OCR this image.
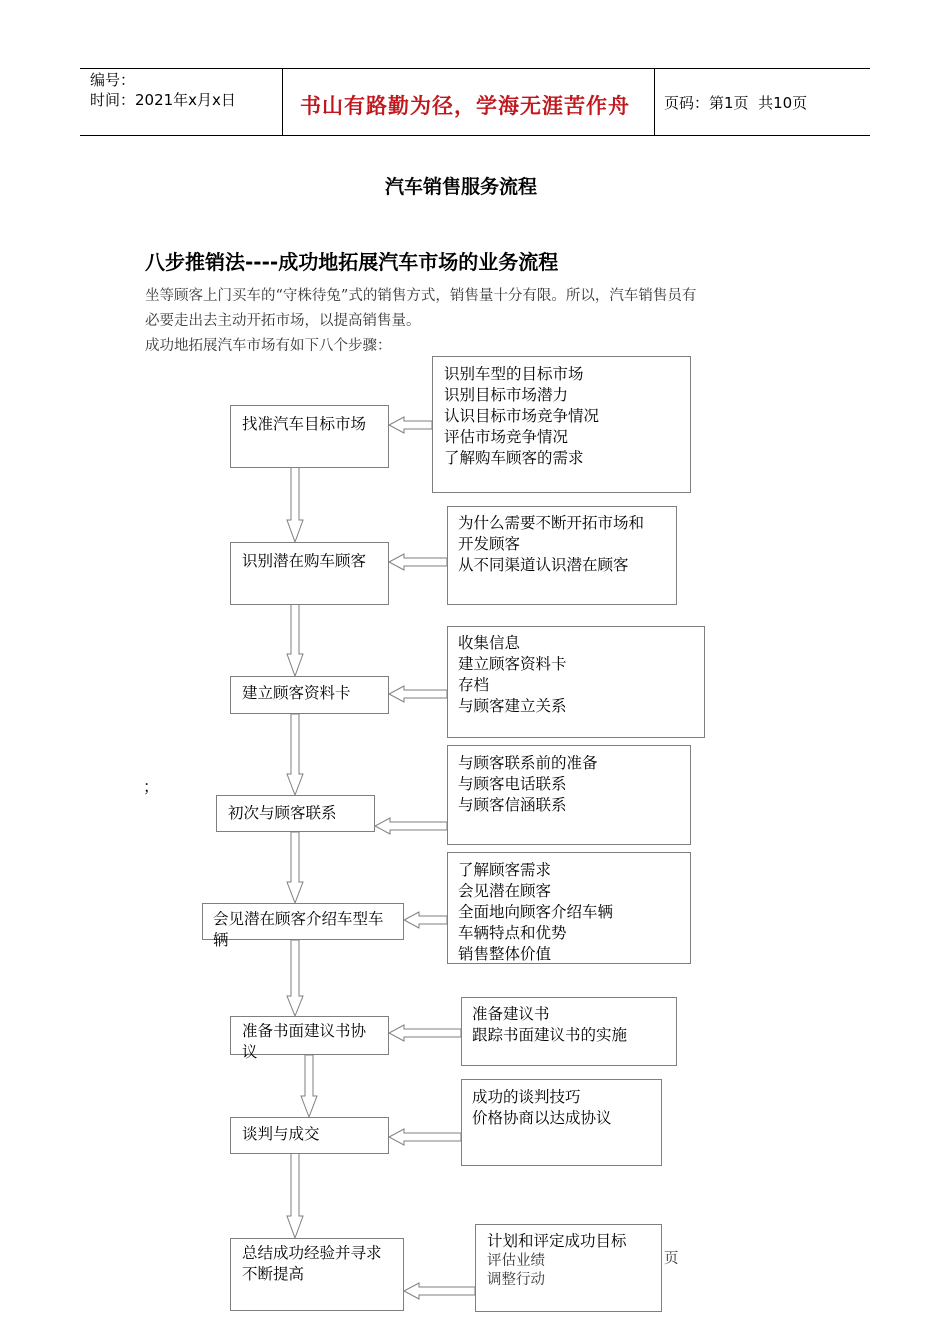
编号：
时间：2021年x月x日	书山有路勤为径，学海无涯苦作舟 页码：第1页  共10页
汽车销售服务流程
八步推销法----成功地拓展汽车市场的业务流程
坐等顾客上门买车的“守株待兔”式的销售方式，销售量十分有限。所以，汽车销售员有
必要走出去主动开拓市场，以提高销售量。
成功地拓展汽车市场有如下八个步骤：
；
页
找准汽车目标市场
识别潜在购车顾客
建立顾客资料卡
初次与顾客联系
会见潜在顾客介绍车型车
辆
准备书面建议书协
议
谈判与成交
总结成功经验并寻求
不断提高
识别车型的目标市场
识别目标市场潜力
认识目标市场竞争情况
评估市场竞争情况
了解购车顾客的需求
为什么需要不断开拓市场和
开发顾客
从不同渠道认识潜在顾客
收集信息
建立顾客资料卡
存档
与顾客建立关系
与顾客联系前的准备
与顾客电话联系
与顾客信涵联系
了解顾客需求
会见潜在顾客
全面地向顾客介绍车辆
车辆特点和优势
销售整体价值
准备建议书
跟踪书面建议书的实施
成功的谈判技巧
价格协商以达成协议
计划和评定成功目标
评估业绩
调整行动
